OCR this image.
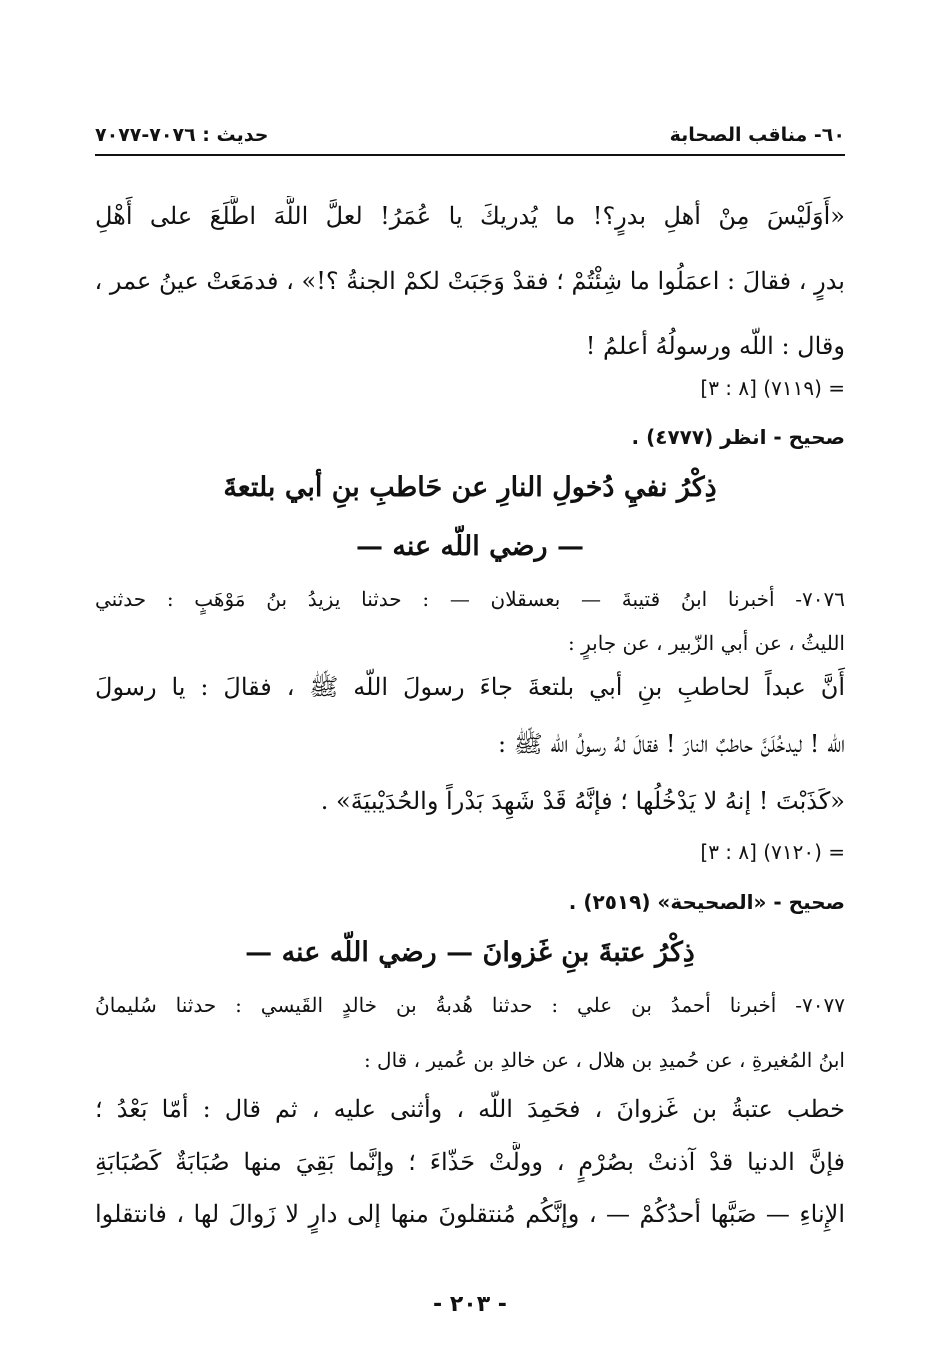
٦٠- مناقب الصحابة
حديث : ٧٠٧٦-٧٠٧٧
«أَوَلَيْسَ مِنْ أهلِ بدرٍ؟! ما يُدريكَ يا عُمَرُ! لعلَّ اللَّهَ اطَّلَعَ على أَهْلِ
بدرٍ ، فقالَ : اعمَلُوا ما شِئْتُمْ ؛ فقدْ وَجَبَتْ لكمْ الجنةُ ؟!» ، فدمَعَتْ عينُ عمر ،
وقال : اللّه ورسولُهُ أعلمُ !
= (٧١١٩) [٨ : ٣]
صحيح - انظر (٤٧٧٧) .
ذِكْرُ نفيِ دُخولِ النارِ عن حَاطبِ بنِ أبي بلتعةَ
— رضي اللّه عنه —
٧٠٧٦- أخبرنا ابنُ قتيبةَ — بعسقلان — : حدثنا يزيدُ بنُ مَوْهَبٍ : حدثني
الليثُ ، عن أبي الزّبير ، عن جابرٍ :
أَنَّ عبداً لحاطبِ بنِ أبي بلتعةَ جاءَ رسولَ اللّه ﷺ ، فقالَ : يا رسولَ
اللّه ! ليدخُلَنَّ حاطبٌ النارَ ! فقالَ لهُ رسولُ اللّه ﷺ :
«كَذَبْتَ ! إنهُ لا يَدْخُلُها ؛ فإنَّهُ قَدْ شَهِدَ بَدْراً والحُدَيْبيَةَ» .
= (٧١٢٠) [٨ : ٣]
صحيح - «الصحيحة» (٢٥١٩) .
ذِكْرُ عتبةَ بنِ غَزوانَ — رضي اللّه عنه —
٧٠٧٧- أخبرنا أحمدُ بن علي : حدثنا هُدبةُ بن خالدٍ القَيسي : حدثنا سُليمانُ
ابنُ المُغيرةِ ، عن حُميدِ بن هلال ، عن خالدِ بن عُمير ، قال :
خطب عتبةُ بن غَزوانَ ، فحَمِدَ اللّه ، وأثنى عليه ، ثم قال : أمّا بَعْدُ ؛
فإنَّ الدنيا قدْ آذنتْ بصُرْمٍ ، وولَّتْ حَذّاءَ ؛ وإنَّما بَقِيَ منها صُبَابَةٌ كَصُبَابَةِ
الإِناءِ — صَبَّها أحدُكُمْ — ، وإنَّكُم مُنتقلونَ منها إلى دارٍ لا زَوالَ لها ، فانتقلوا
- ٢٠٣ -
